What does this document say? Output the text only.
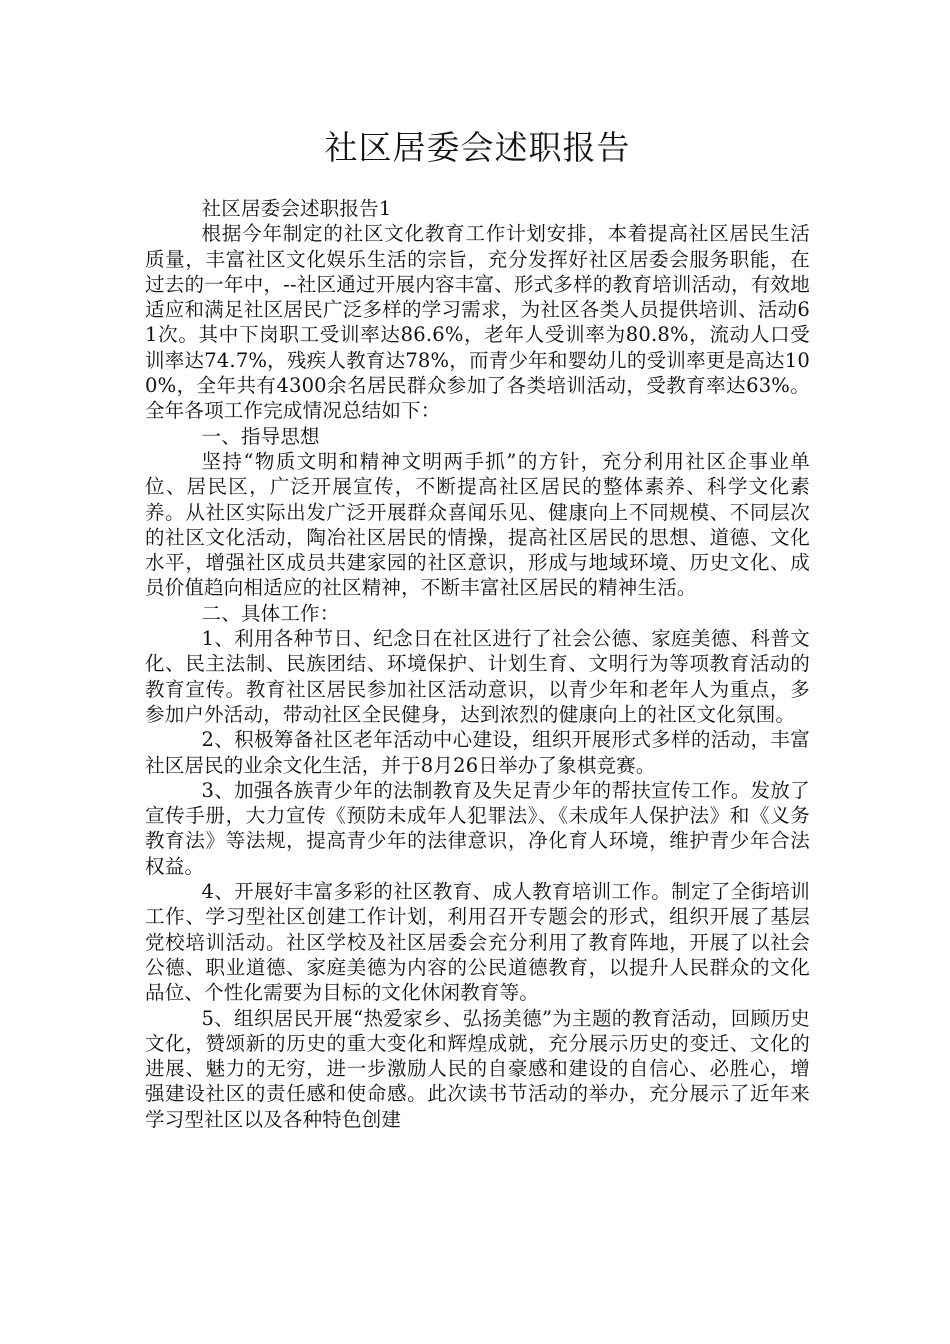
社区居委会述职报告

社区居委会述职报告1

根据今年制定的社区文化教育工作计划安排，本着提高社区居民生活质量，丰富社区文化娱乐生活的宗旨，充分发挥好社区居委会服务职能，在过去的一年中，--社区通过开展内容丰富、形式多样的教育培训活动，有效地适应和满足社区居民广泛多样的学习需求，为社区各类人员提供培训、活动61次。其中下岗职工受训率达86.6%，老年人受训率为80.8%，流动人口受训率达74.7%，残疾人教育达78%，而青少年和婴幼儿的受训率更是高达100%，全年共有4300余名居民群众参加了各类培训活动，受教育率达63%。全年各项工作完成情况总结如下：

一、指导思想

坚持“物质文明和精神文明两手抓”的方针，充分利用社区企事业单位、居民区，广泛开展宣传，不断提高社区居民的整体素养、科学文化素养。从社区实际出发广泛开展群众喜闻乐见、健康向上不同规模、不同层次的社区文化活动，陶冶社区居民的情操，提高社区居民的思想、道德、文化水平，增强社区成员共建家园的社区意识，形成与地域环境、历史文化、成员价值趋向相适应的社区精神，不断丰富社区居民的精神生活。

二、具体工作：

1、利用各种节日、纪念日在社区进行了社会公德、家庭美德、科普文化、民主法制、民族团结、环境保护、计划生育、文明行为等项教育活动的教育宣传。教育社区居民参加社区活动意识，以青少年和老年人为重点，多参加户外活动，带动社区全民健身，达到浓烈的健康向上的社区文化氛围。

2、积极筹备社区老年活动中心建设，组织开展形式多样的活动，丰富社区居民的业余文化生活，并于8月26日举办了象棋竞赛。

3、加强各族青少年的法制教育及失足青少年的帮扶宣传工作。发放了宣传手册，大力宣传《预防未成年人犯罪法》、《未成年人保护法》和《义务教育法》等法规，提高青少年的法律意识，净化育人环境，维护青少年合法权益。

4、开展好丰富多彩的社区教育、成人教育培训工作。制定了全街培训工作、学习型社区创建工作计划，利用召开专题会的形式，组织开展了基层党校培训活动。社区学校及社区居委会充分利用了教育阵地，开展了以社会公德、职业道德、家庭美德为内容的公民道德教育，以提升人民群众的文化品位、个性化需要为目标的文化休闲教育等。

5、组织居民开展“热爱家乡、弘扬美德”为主题的教育活动，回顾历史文化，赞颂新的历史的重大变化和辉煌成就，充分展示历史的变迁、文化的进展、魅力的无穷，进一步激励人民的自豪感和建设的自信心、必胜心，增强建设社区的责任感和使命感。此次读书节活动的举办，充分展示了近年来学习型社区以及各种特色创建
